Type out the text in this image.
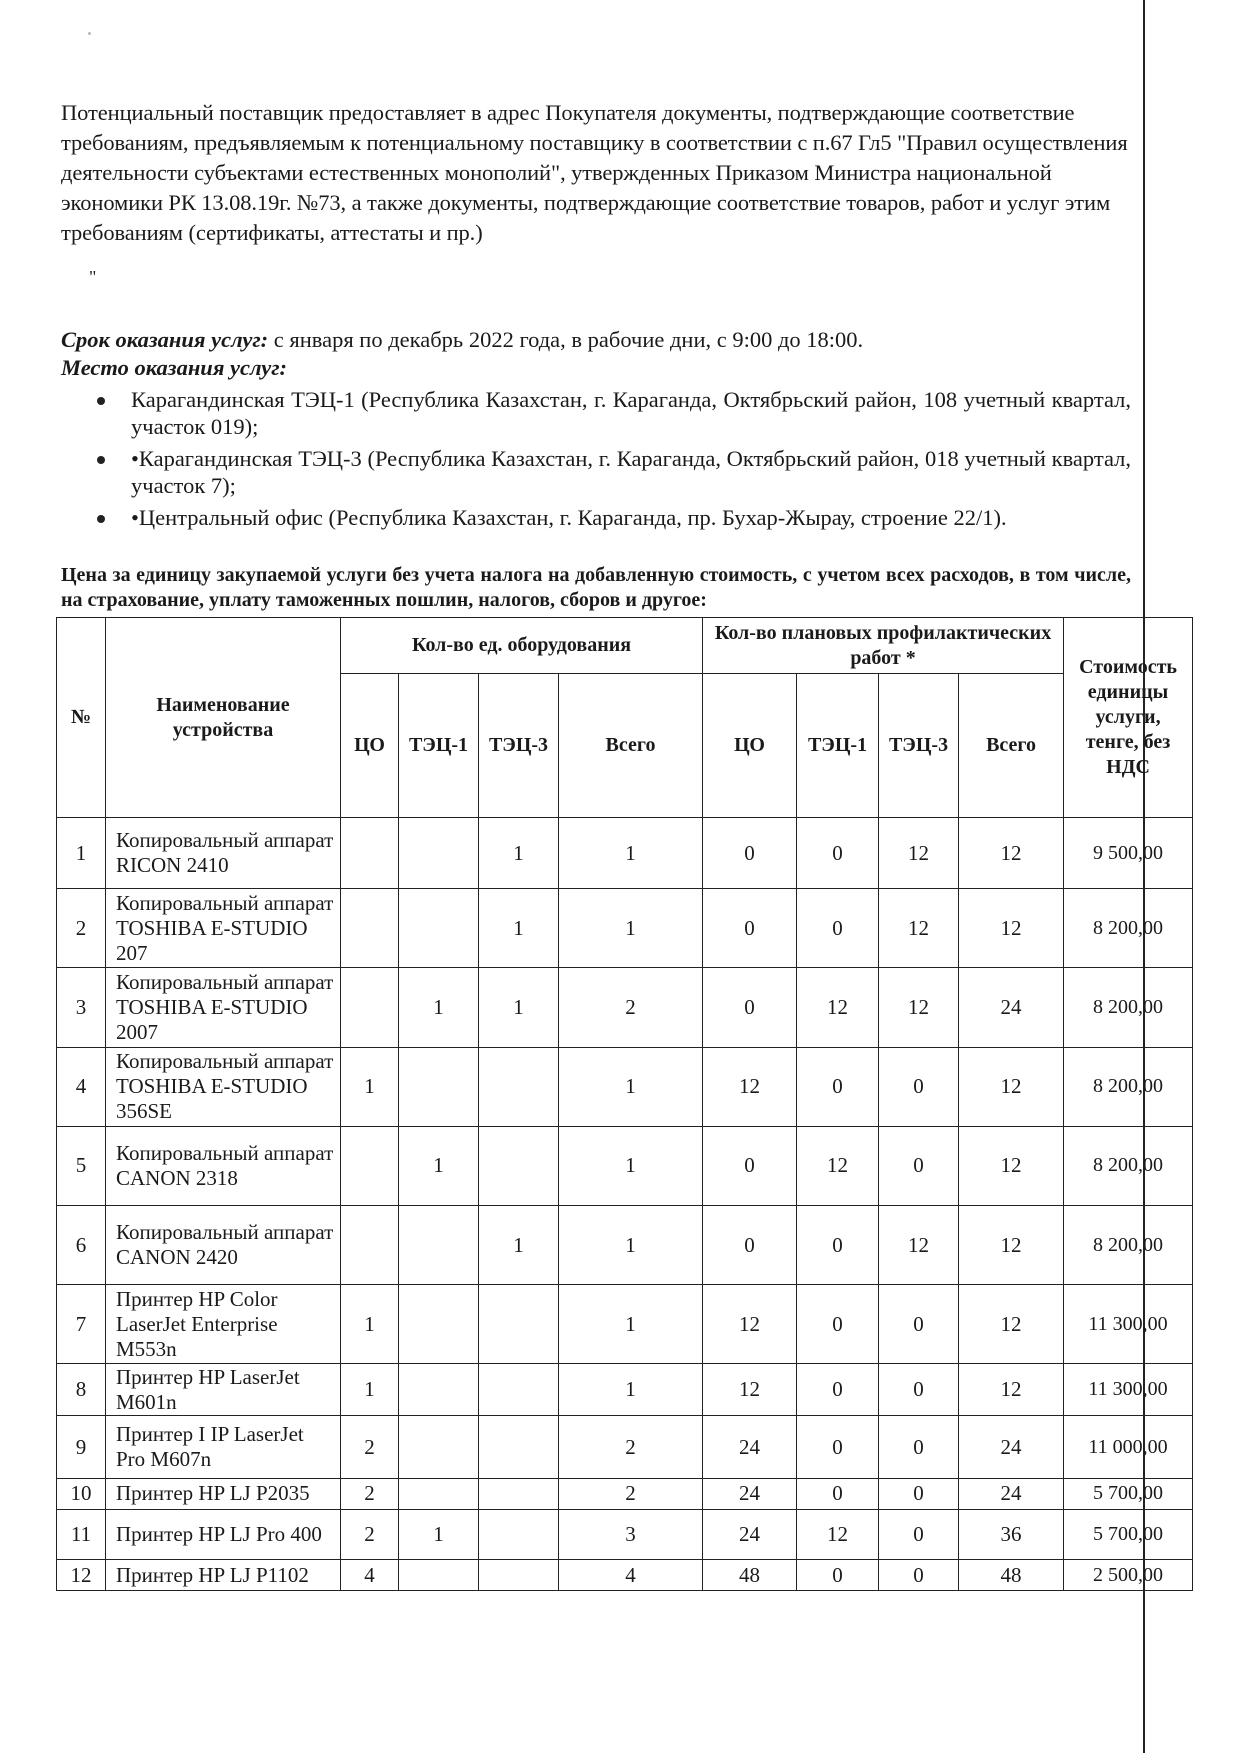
Потенциальный поставщик предоставляет в адрес Покупателя документы, подтверждающие соответствие требованиям, предъявляемым к потенциальному поставщику в соответствии с п.67 Гл5 "Правил осуществления деятельности субъектами естественных монополий", утвержденных Приказом Министра национальной экономики РК 13.08.19г. №73, а также документы, подтверждающие соответствие товаров, работ и услуг этим требованиям (сертификаты, аттестаты и пр.)
"
Срок оказания услуг: с января по декабрь 2022 года, в рабочие дни, с 9:00 до 18:00.
Место оказания услуг:
Карагандинская ТЭЦ-1 (Республика Казахстан, г. Караганда, Октябрьский район, 108 учетный квартал, участок 019);
•Карагандинская ТЭЦ-3 (Республика Казахстан, г. Караганда, Октябрьский район, 018 учетный квартал, участок 7);
•Центральный офис (Республика Казахстан, г. Караганда, пр. Бухар-Жырау, строение 22/1).
Цена за единицу закупаемой услуги без учета налога на добавленную стоимость, с учетом всех расходов, в том числе, на страхование, уплату таможенных пошлин, налогов, сборов и другое:
№	Наименование устройства	Кол-во ед. оборудования				Кол-во плановых профилактических работ *				Стоимость единицы услуги, тенге, без НДС
		ЦО	ТЭЦ-1	ТЭЦ-3	Всего	ЦО	ТЭЦ-1	ТЭЦ-3	Всего	
1	Копировальный аппарат RICON 2410			1	1	0	0	12	12	9 500,00
2	Копировальный аппарат TOSHIBA E-STUDIO 207			1	1	0	0	12	12	8 200,00
3	Копировальный аппарат TOSHIBA E-STUDIO 2007		1	1	2	0	12	12	24	8 200,00
4	Копировальный аппарат TOSHIBA E-STUDIO 356SE	1			1	12	0	0	12	8 200,00
5	Копировальный аппарат CANON 2318		1		1	0	12	0	12	8 200,00
6	Копировальный аппарат CANON 2420			1	1	0	0	12	12	8 200,00
7	Принтер HP Color LaserJet Enterprise M553n	1			1	12	0	0	12	11 300,00
8	Принтер HP LaserJet M601n	1			1	12	0	0	12	11 300,00
9	Принтер I IP LaserJet Pro M607n	2			2	24	0	0	24	11 000,00
10	Принтер HP LJ P2035	2			2	24	0	0	24	5 700,00
11	Принтер HP LJ Pro 400	2	1		3	24	12	0	36	5 700,00
12	Принтер HP LJ P1102	4			4	48	0	0	48	2 500,00
